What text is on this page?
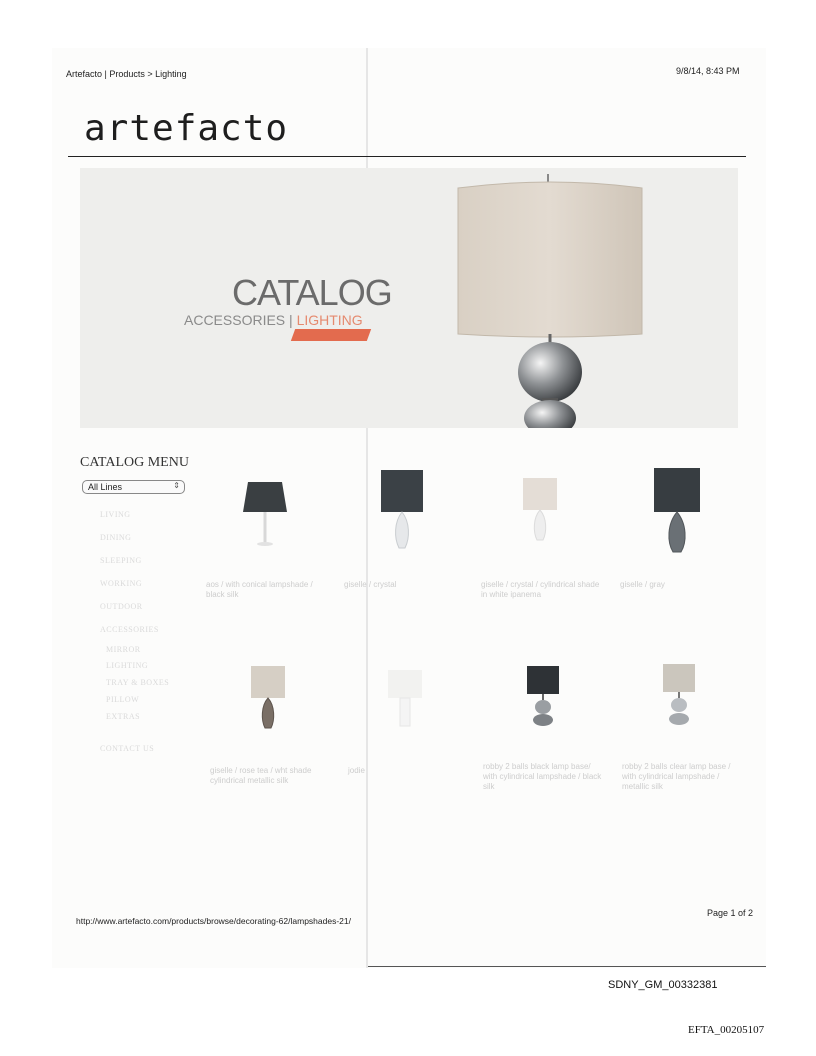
Artefacto | Products > Lighting	9/8/14, 8:43 PM
artefacto
CATALOG
ACCESSORIES | LIGHTING
CATALOG MENU
All Lines	⇕
LIVING
DINING
SLEEPING
WORKING
OUTDOOR
ACCESSORIES
MIRROR
LIGHTING
TRAY & BOXES
PILLOW
EXTRAS
CONTACT US
aos / with conical lampshade / black silk
giselle / crystal	giselle / crystal / cylindrical shade in white ipanema
giselle / gray
giselle / rose tea / wht shade cylindrical metallic silk
jodie	robby 2 balls black lamp base/ with cylindrical lampshade / black silk
robby 2 balls clear lamp base / with cylindrical lampshade / metallic silk
http://www.artefacto.com/products/browse/decorating-62/lampshades-21/
Page 1 of 2
SDNY_GM_00332381
EFTA_00205107
